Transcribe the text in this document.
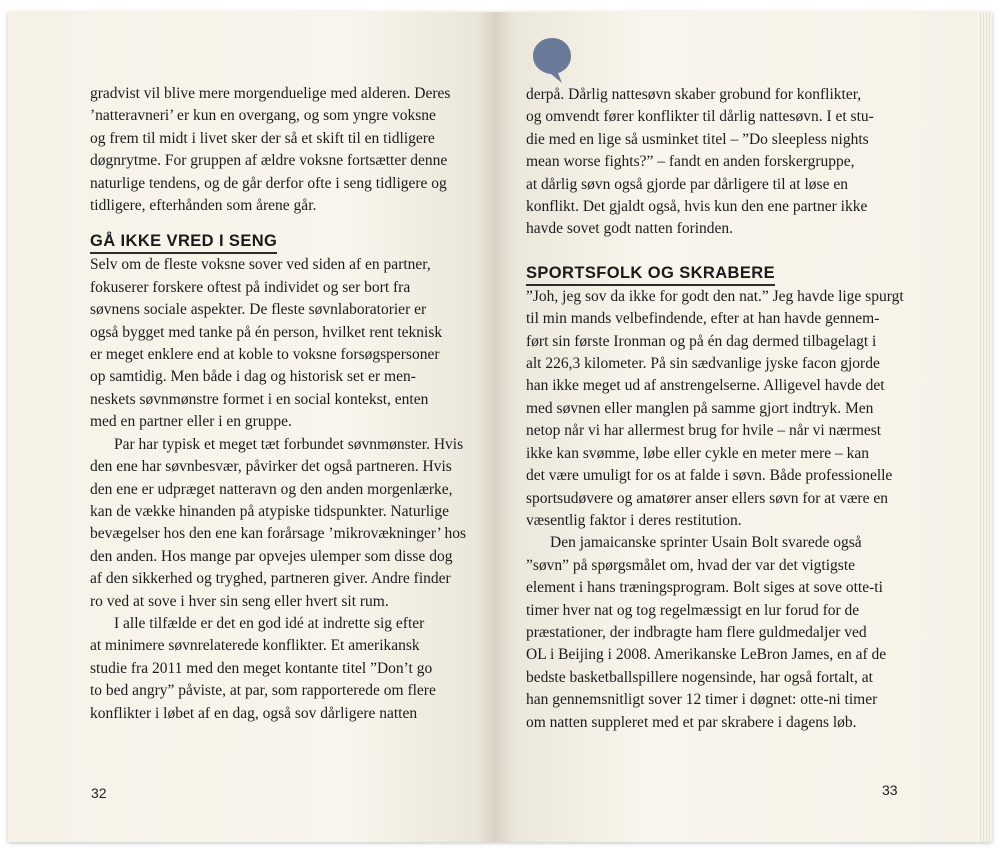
gradvist vil blive mere morgenduelige med alderen. Deres
’natteravneri’ er kun en overgang, og som yngre voksne
og frem til midt i livet sker der så et skift til en tidligere
døgnrytme. For gruppen af ældre voksne fortsætter denne
naturlige tendens, og de går derfor ofte i seng tidligere og
tidligere, efterhånden som årene går.

GÅ IKKE VRED I SENG

Selv om de fleste voksne sover ved siden af en partner,
fokuserer forskere oftest på individet og ser bort fra
søvnens sociale aspekter. De fleste søvnlaboratorier er
også bygget med tanke på én person, hvilket rent teknisk
er meget enklere end at koble to voksne forsøgspersoner
op samtidig. Men både i dag og historisk set er men-
neskets søvnmønstre formet i en social kontekst, enten
med en partner eller i en gruppe.

Par har typisk et meget tæt forbundet søvnmønster. Hvis
den ene har søvnbesvær, påvirker det også partneren. Hvis
den ene er udpræget natteravn og den anden morgenlærke,
kan de vække hinanden på atypiske tidspunkter. Naturlige
bevægelser hos den ene kan forårsage ’mikrovækninger’ hos
den anden. Hos mange par opvejes ulemper som disse dog
af den sikkerhed og tryghed, partneren giver. Andre finder
ro ved at sove i hver sin seng eller hvert sit rum.

I alle tilfælde er det en god idé at indrette sig efter
at minimere søvnrelaterede konflikter. Et amerikansk
studie fra 2011 med den meget kontante titel ”Don’t go
to bed angry” påviste, at par, som rapporterede om flere
konflikter i løbet af en dag, også sov dårligere natten

32

derpå. Dårlig nattesøvn skaber grobund for konflikter,
og omvendt fører konflikter til dårlig nattesøvn. I et stu-
die med en lige så usminket titel – ”Do sleepless nights
mean worse fights?” – fandt en anden forskergruppe,
at dårlig søvn også gjorde par dårligere til at løse en
konflikt. Det gjaldt også, hvis kun den ene partner ikke
havde sovet godt natten forinden.

SPORTSFOLK OG SKRABERE

”Joh, jeg sov da ikke for godt den nat.” Jeg havde lige spurgt
til min mands velbefindende, efter at han havde gennem-
ført sin første Ironman og på én dag dermed tilbagelagt i
alt 226,3 kilometer. På sin sædvanlige jyske facon gjorde
han ikke meget ud af anstrengelserne. Alligevel havde det
med søvnen eller manglen på samme gjort indtryk. Men
netop når vi har allermest brug for hvile – når vi nærmest
ikke kan svømme, løbe eller cykle en meter mere – kan
det være umuligt for os at falde i søvn. Både professionelle
sportsudøvere og amatører anser ellers søvn for at være en
væsentlig faktor i deres restitution.

Den jamaicanske sprinter Usain Bolt svarede også
”søvn” på spørgsmålet om, hvad der var det vigtigste
element i hans træningsprogram. Bolt siges at sove otte-ti
timer hver nat og tog regelmæssigt en lur forud for de
præstationer, der indbragte ham flere guldmedaljer ved
OL i Beijing i 2008. Amerikanske LeBron James, en af de
bedste basketballspillere nogensinde, har også fortalt, at
han gennemsnitligt sover 12 timer i døgnet: otte-ni timer
om natten suppleret med et par skrabere i dagens løb.

33
